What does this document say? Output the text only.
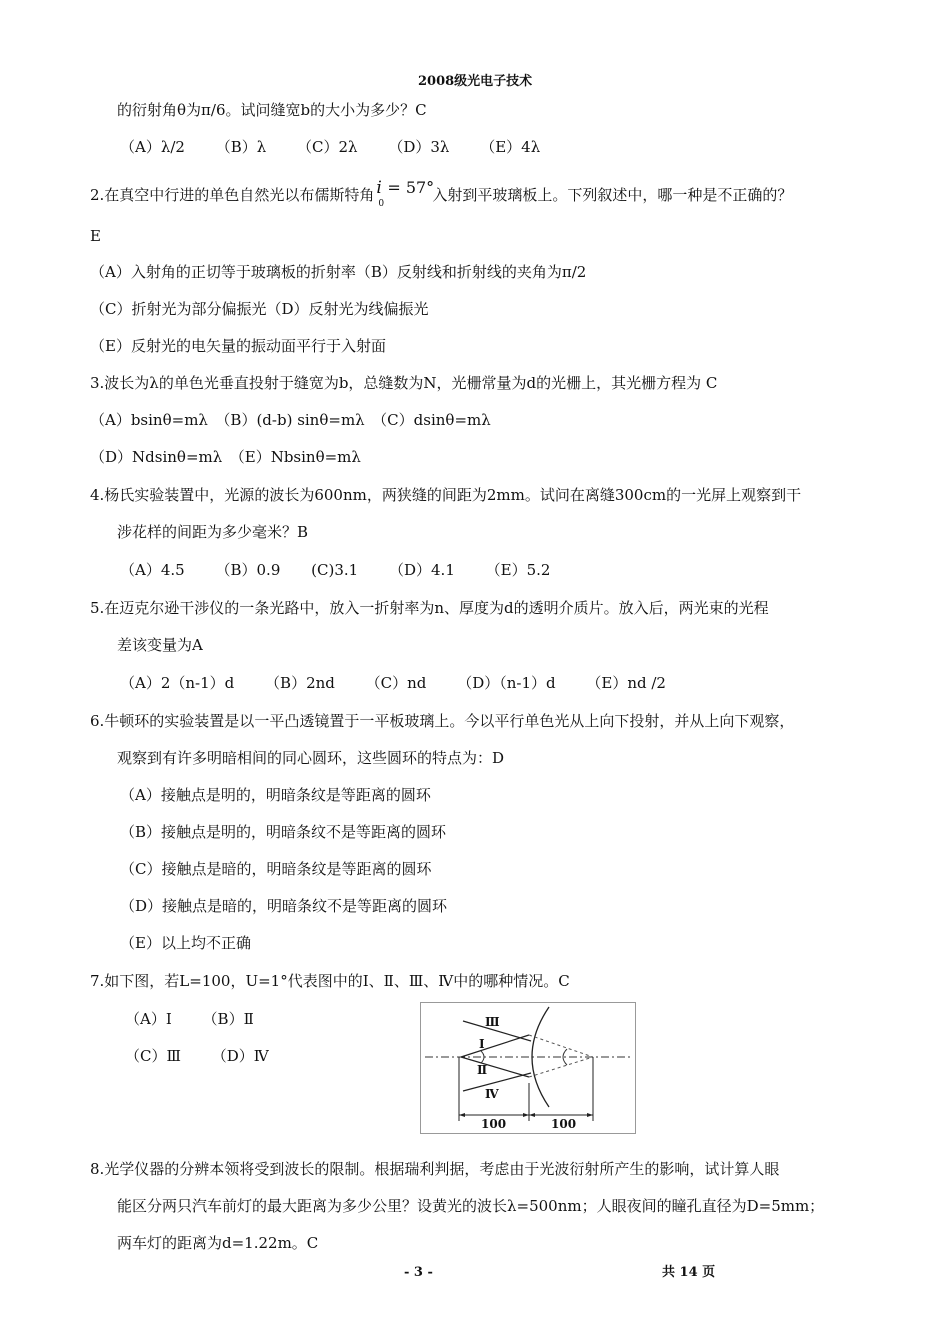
2008级光电子技术
的衍射角θ为π/6。试问缝宽b的大小为多少？C
（A）λ/2 （B）λ （C）2λ （D）3λ （E）4λ
2.在真空中行进的单色自然光以布儒斯特角 i
0
= 57°
入射到平玻璃板上。下列叙述中，哪一种是不正确的？
E
（A）入射角的正切等于玻璃板的折射率（B）反射线和折射线的夹角为π/2
（C）折射光为部分偏振光（D）反射光为线偏振光
（E）反射光的电矢量的振动面平行于入射面
3.波长为λ的单色光垂直投射于缝宽为b，总缝数为N，光栅常量为d的光栅上，其光栅方程为 C
（A）bsinθ=mλ　（B）(d-b) sinθ=mλ　（C）dsinθ=mλ
（D）Ndsinθ=mλ　（E）Nbsinθ=mλ
4.杨氏实验装置中，光源的波长为600nm，两狭缝的间距为2mm。试问在离缝300cm的一光屏上观察到干
涉花样的间距为多少毫米？B
（A）4.5 （B）0.9 (C)3.1 （D）4.1 （E）5.2
5.在迈克尔逊干涉仪的一条光路中，放入一折射率为n、厚度为d的透明介质片。放入后，两光束的光程
差该变量为A
（A）2（n-1）d （B）2nd （C）nd （D）（n-1）d （E）nd /2
6.牛顿环的实验装置是以一平凸透镜置于一平板玻璃上。今以平行单色光从上向下投射，并从上向下观察，
观察到有许多明暗相间的同心圆环，这些圆环的特点为：D
（A）接触点是明的，明暗条纹是等距离的圆环
（B）接触点是明的，明暗条纹不是等距离的圆环
（C）接触点是暗的，明暗条纹是等距离的圆环
（D）接触点是暗的，明暗条纹不是等距离的圆环
（E）以上均不正确
7.如下图，若L=100，U=1°代表图中的Ⅰ、Ⅱ、Ⅲ、Ⅳ中的哪种情况。C
（A）Ⅰ （B）Ⅱ
（C）Ⅲ （D）Ⅳ
Ⅲ
Ⅰ
Ⅱ
Ⅳ
100	100
8.光学仪器的分辨本领将受到波长的限制。根据瑞利判据，考虑由于光波衍射所产生的影响，试计算人眼
能区分两只汽车前灯的最大距离为多少公里？设黄光的波长λ=500nm；人眼夜间的瞳孔直径为D=5mm；
两车灯的距离为d=1.22m。C
- 3 -	共 14 页
